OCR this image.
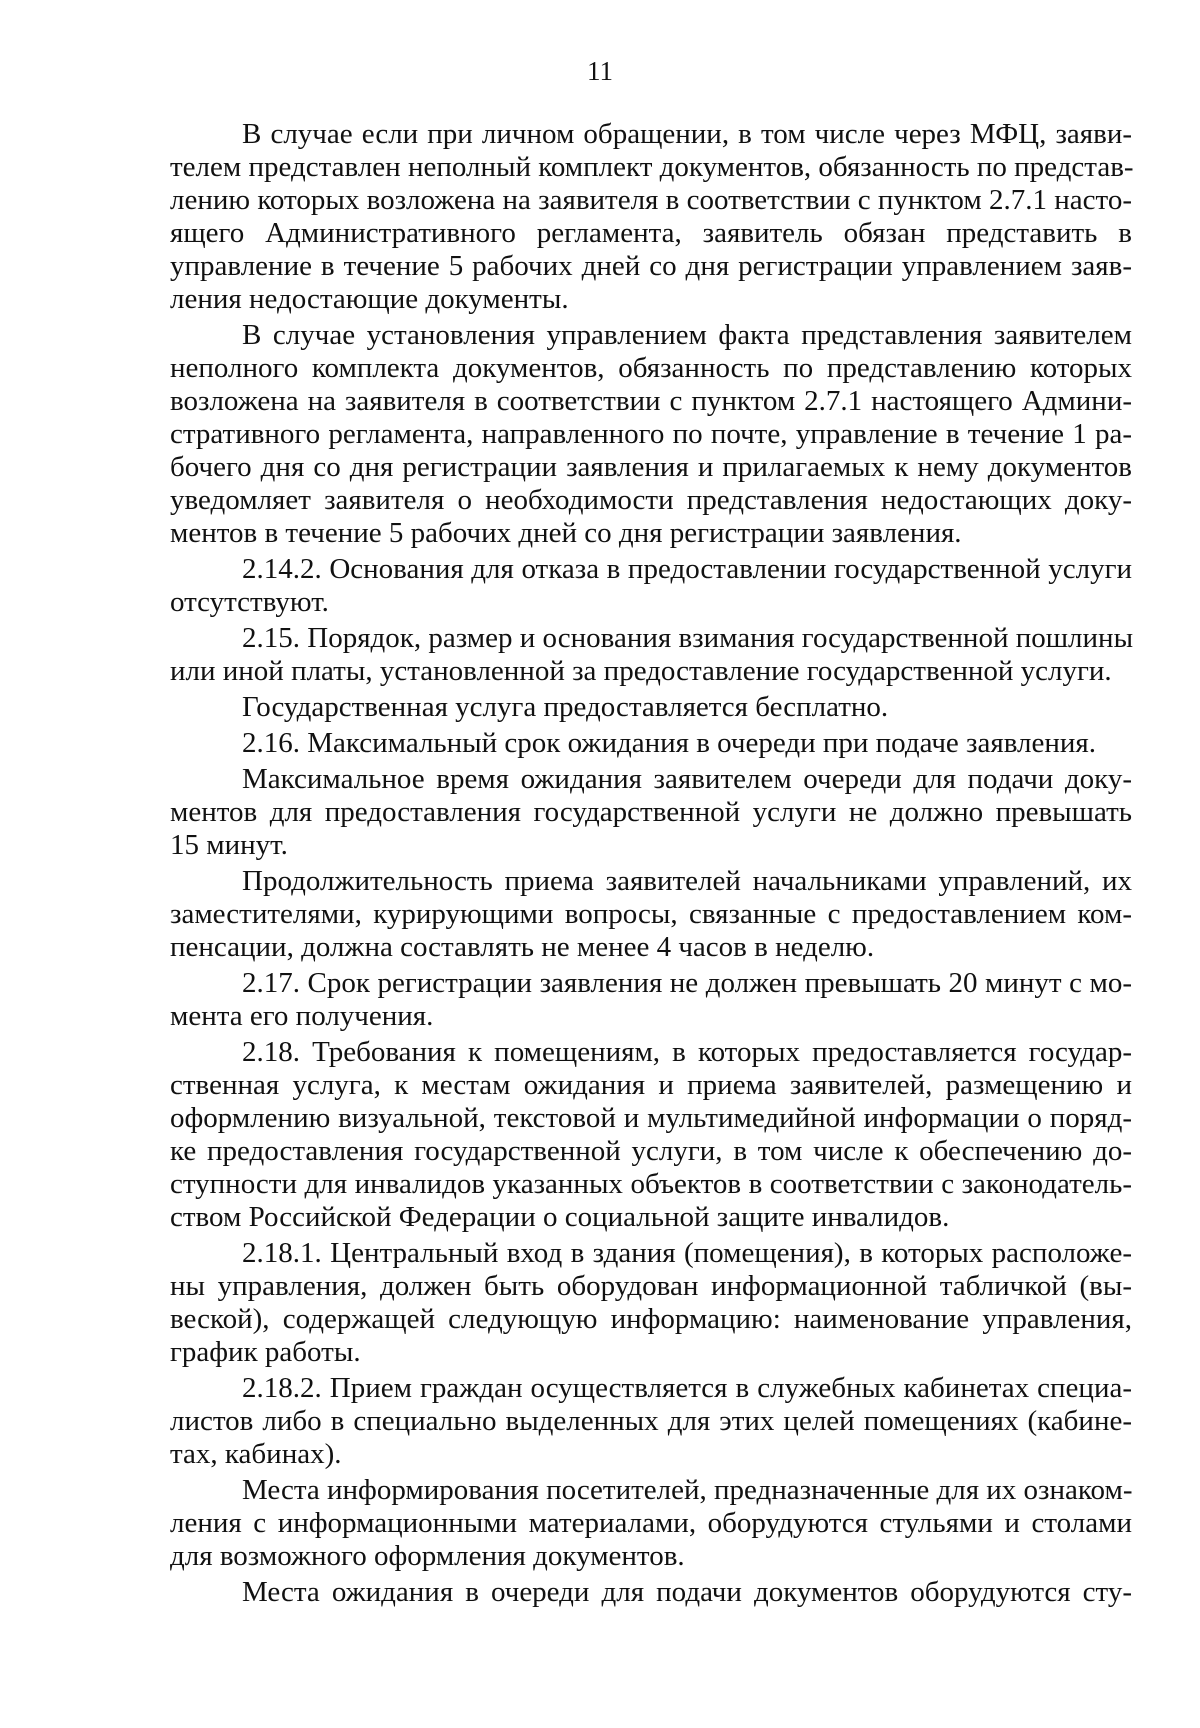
11
В случае если при личном обращении, в том числе через МФЦ, заяви-
телем представлен неполный комплект документов, обязанность по представ-
лению которых возложена на заявителя в соответствии с пунктом 2.7.1 насто-
ящего Административного регламента, заявитель обязан представить в
управление в течение 5 рабочих дней со дня регистрации управлением заяв-
ления недостающие документы.
В случае установления управлением факта представления заявителем
неполного комплекта документов, обязанность по представлению которых
возложена на заявителя в соответствии с пунктом 2.7.1 настоящего Админи-
стративного регламента, направленного по почте, управление в течение 1 ра-
бочего дня со дня регистрации заявления и прилагаемых к нему документов
уведомляет заявителя о необходимости представления недостающих доку-
ментов в течение 5 рабочих дней со дня регистрации заявления.
2.14.2. Основания для отказа в предоставлении государственной услуги
отсутствуют.
2.15. Порядок, размер и основания взимания государственной пошлины
или иной платы, установленной за предоставление государственной услуги.
Государственная услуга предоставляется бесплатно.
2.16. Максимальный срок ожидания в очереди при подаче заявления.
Максимальное время ожидания заявителем очереди для подачи доку-
ментов для предоставления государственной услуги не должно превышать
15 минут.
Продолжительность приема заявителей начальниками управлений, их
заместителями, курирующими вопросы, связанные с предоставлением ком-
пенсации, должна составлять не менее 4 часов в неделю.
2.17. Срок регистрации заявления не должен превышать 20 минут с мо-
мента его получения.
2.18. Требования к помещениям, в которых предоставляется государ-
ственная услуга, к местам ожидания и приема заявителей, размещению и
оформлению визуальной, текстовой и мультимедийной информации о поряд-
ке предоставления государственной услуги, в том числе к обеспечению до-
ступности для инвалидов указанных объектов в соответствии с законодатель-
ством Российской Федерации о социальной защите инвалидов.
2.18.1. Центральный вход в здания (помещения), в которых расположе-
ны управления, должен быть оборудован информационной табличкой (вы-
веской), содержащей следующую информацию: наименование управления,
график работы.
2.18.2. Прием граждан осуществляется в служебных кабинетах специа-
листов либо в специально выделенных для этих целей помещениях (кабине-
тах, кабинах).
Места информирования посетителей, предназначенные для их ознаком-
ления с информационными материалами, оборудуются стульями и столами
для возможного оформления документов.
Места ожидания в очереди для подачи документов оборудуются сту-
